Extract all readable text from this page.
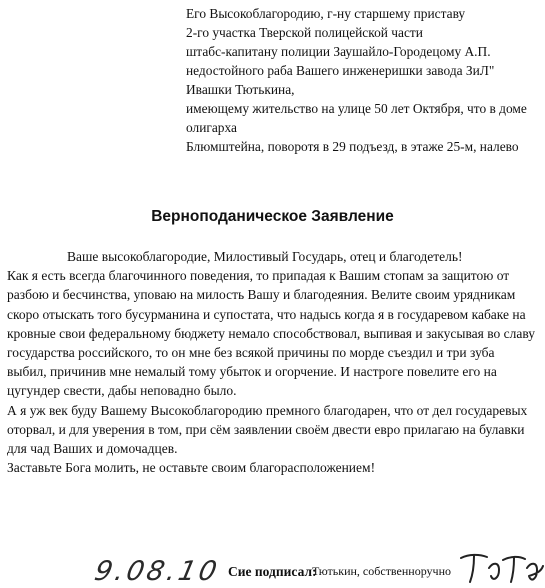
Его Высокоблагородию, г-ну старшему приставу
2-го участка Тверской полицейской части
штабс-капитану полиции Заушайло-Городецому А.П.
недостойного раба Вашего инженеришки завода ЗиЛ"
Ивашки Тютькина,
имеющему жительство на улице 50 лет Октября, что в доме олигарха
Блюмштейна, поворотя в 29 подъезд, в этаже 25-м, налево
Верноподаническое Заявление

Ваше высокоблагородие, Милостивый Государь, отец и благодетель!

Как я есть всегда благочинного поведения, то припадая к Вашим стопам за защитою от разбою и бесчинства, уповаю на милость Вашу и благодеяния. Велите своим урядникам скоро отыскать того бусурманина и супостата, что надысь когда я в государевом кабаке на кровные свои федеральному бюджету немало способствовал, выпивая и закусывая во славу государства российского, то он мне без всякой причины по морде съездил и три зуба выбил, причинив мне немалый тому убыток и огорчение. И настроге повелите его на цугундер свести, дабы неповадно было.

А я уж век буду Вашему Высокоблагородию премного благодарен, что от дел государевых оторвал, и для уверения в том, при сём заявлении своём двести евро прилагаю на булавки для чад Ваших и домочадцев.

Заставьте Бога молить, не оставьте своим благорасположением!

9.08.10 Сие подписал:
Тютькин, собственноручно
